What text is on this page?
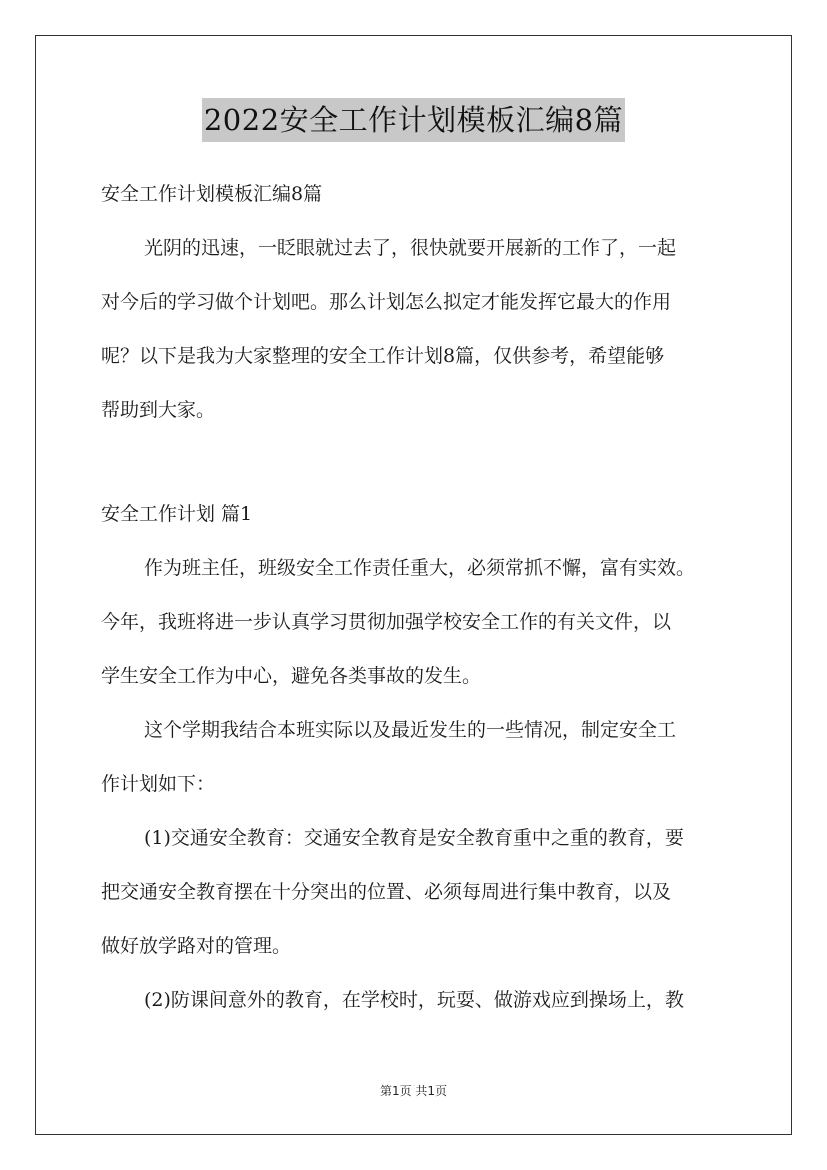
2022安全工作计划模板汇编8篇
安全工作计划模板汇编8篇
光阴的迅速，一眨眼就过去了，很快就要开展新的工作了，一起
对今后的学习做个计划吧。那么计划怎么拟定才能发挥它最大的作用
呢？以下是我为大家整理的安全工作计划8篇，仅供参考，希望能够
帮助到大家。
安全工作计划 篇1
作为班主任，班级安全工作责任重大，必须常抓不懈，富有实效。
今年，我班将进一步认真学习贯彻加强学校安全工作的有关文件，以
学生安全工作为中心，避免各类事故的发生。
这个学期我结合本班实际以及最近发生的一些情况，制定安全工
作计划如下：
(1)交通安全教育：交通安全教育是安全教育重中之重的教育，要
把交通安全教育摆在十分突出的位置、必须每周进行集中教育，以及
做好放学路对的管理。
(2)防课间意外的教育，在学校时，玩耍、做游戏应到操场上，教
第1页 共1页
